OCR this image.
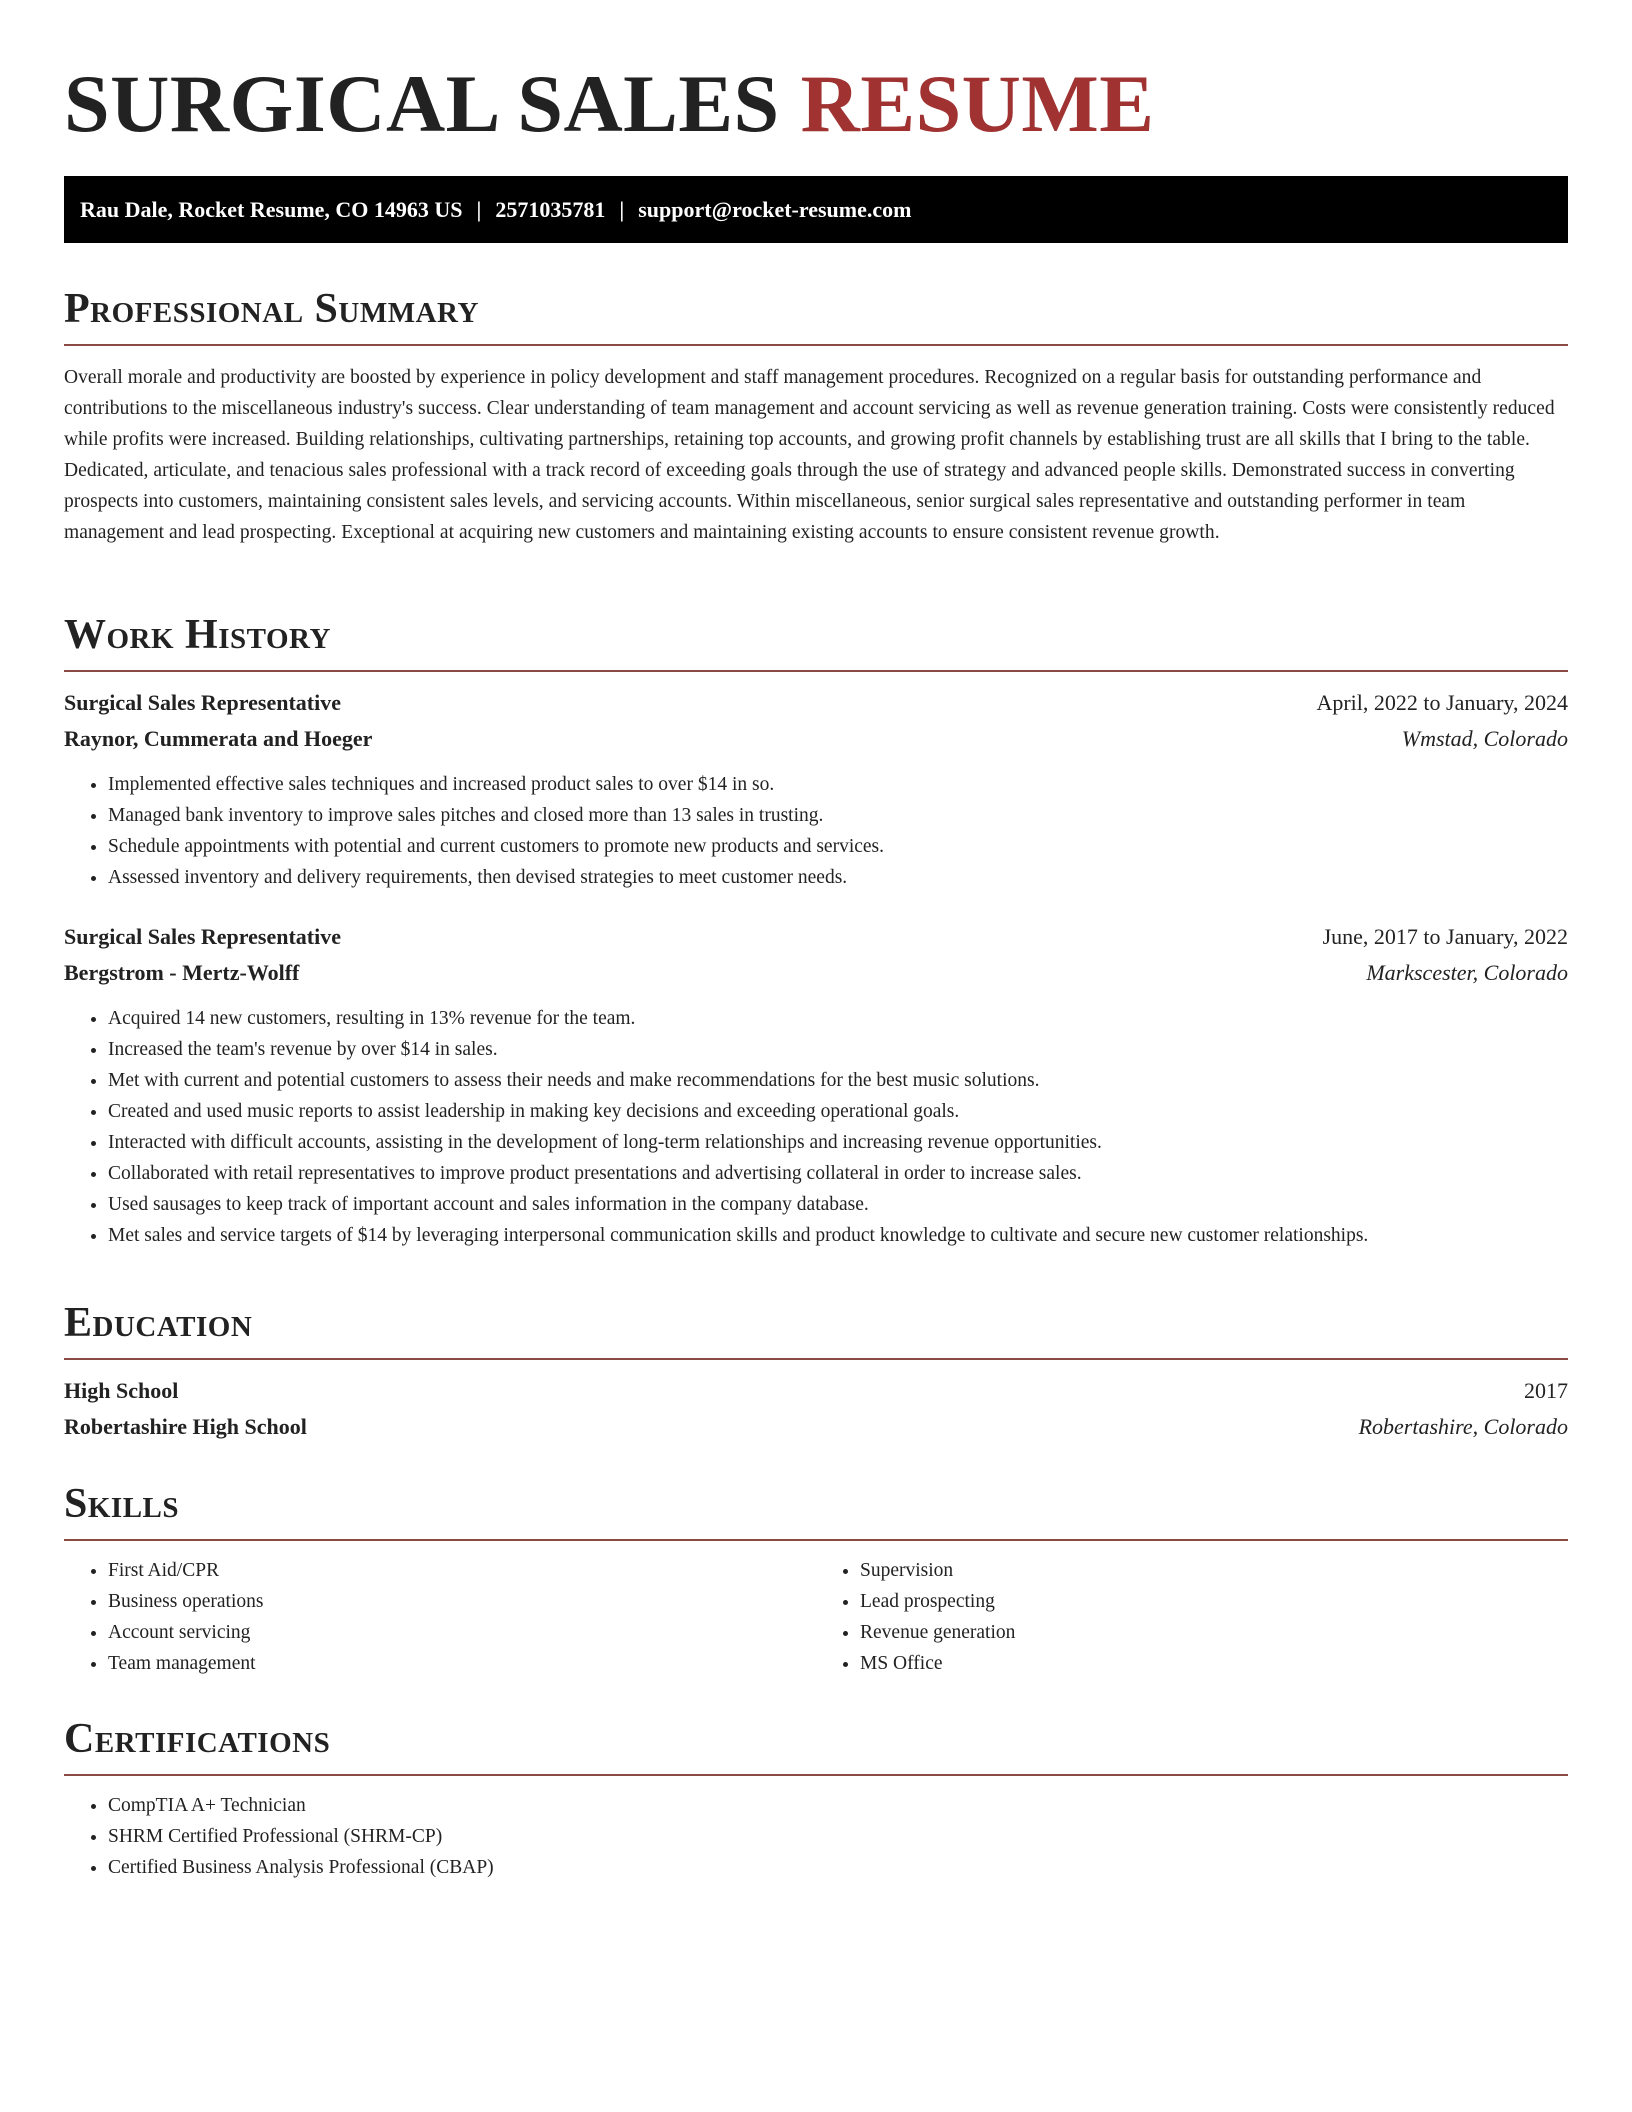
SURGICAL SALES RESUME
Rau Dale, Rocket Resume, CO 14963 US | 2571035781 | support@rocket-resume.com
Professional Summary

Overall morale and productivity are boosted by experience in policy development and staff management procedures. Recognized on a regular basis for outstanding performance and contributions to the miscellaneous industry's success. Clear understanding of team management and account servicing as well as revenue generation training. Costs were consistently reduced while profits were increased. Building relationships, cultivating partnerships, retaining top accounts, and growing profit channels by establishing trust are all skills that I bring to the table. Dedicated, articulate, and tenacious sales professional with a track record of exceeding goals through the use of strategy and advanced people skills. Demonstrated success in converting prospects into customers, maintaining consistent sales levels, and servicing accounts. Within miscellaneous, senior surgical sales representative and outstanding performer in team management and lead prospecting. Exceptional at acquiring new customers and maintaining existing accounts to ensure consistent revenue growth.

Work History
Surgical Sales Representative	April, 2022 to January, 2024
Raynor, Cummerata and Hoeger	Wmstad, Colorado
• Implemented effective sales techniques and increased product sales to over $14 in so.
• Managed bank inventory to improve sales pitches and closed more than 13 sales in trusting.
• Schedule appointments with potential and current customers to promote new products and services.
• Assessed inventory and delivery requirements, then devised strategies to meet customer needs.
Surgical Sales Representative	June, 2017 to January, 2022
Bergstrom - Mertz-Wolff	Markscester, Colorado
• Acquired 14 new customers, resulting in 13% revenue for the team.
• Increased the team's revenue by over $14 in sales.
• Met with current and potential customers to assess their needs and make recommendations for the best music solutions.
• Created and used music reports to assist leadership in making key decisions and exceeding operational goals.
• Interacted with difficult accounts, assisting in the development of long-term relationships and increasing revenue opportunities.
• Collaborated with retail representatives to improve product presentations and advertising collateral in order to increase sales.
• Used sausages to keep track of important account and sales information in the company database.
• Met sales and service targets of $14 by leveraging interpersonal communication skills and product knowledge to cultivate and secure new customer relationships.
Education
High School	2017
Robertashire High School	Robertashire, Colorado
Skills
• First Aid/CPR
• Business operations
• Account servicing
• Team management
• Supervision
• Lead prospecting
• Revenue generation
• MS Office
Certifications
• CompTIA A+ Technician
• SHRM Certified Professional (SHRM-CP)
• Certified Business Analysis Professional (CBAP)
